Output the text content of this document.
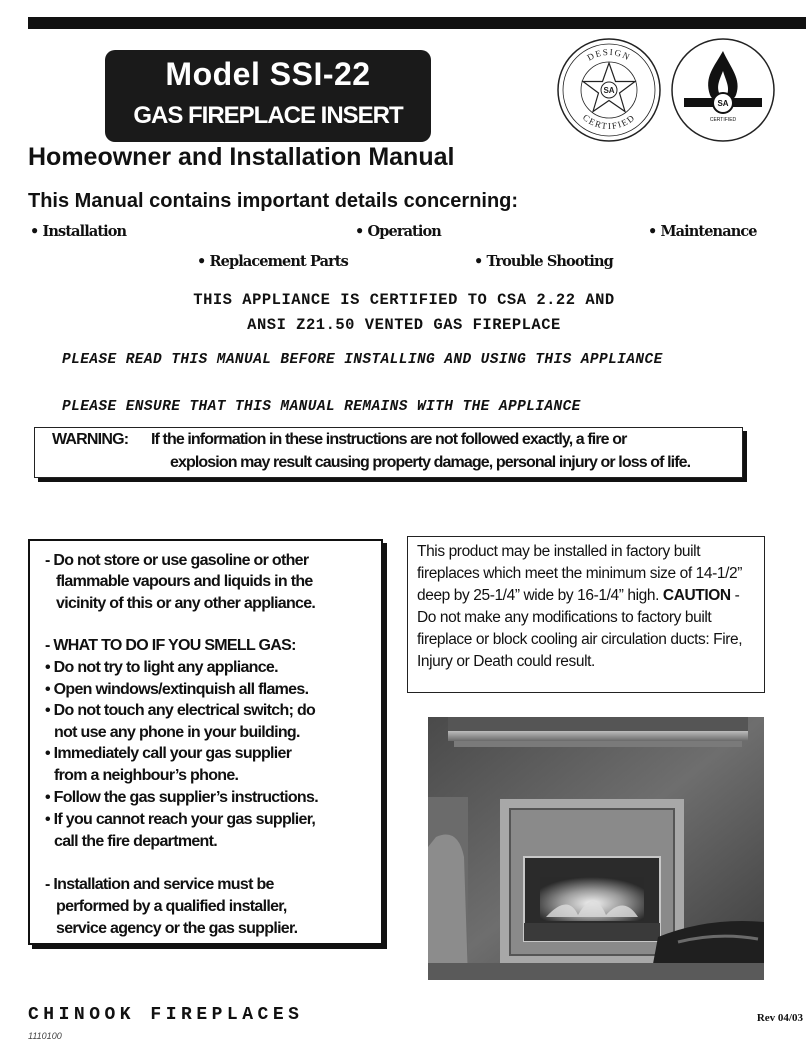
Model SSI-22
GAS FIREPLACE INSERT
SA
DESIGN
CERTIFIED
SA
CERTIFIED
Homeowner and Installation Manual
This Manual contains important details concerning:
• Installation	• Operation	• Maintenance
• Replacement Parts	• Trouble Shooting
THIS APPLIANCE IS CERTIFIED TO CSA 2.22 AND
ANSI Z21.50 VENTED GAS FIREPLACE
PLEASE READ THIS MANUAL BEFORE INSTALLING AND USING THIS APPLIANCE
PLEASE ENSURE THAT THIS MANUAL REMAINS WITH THE APPLIANCE
WARNING: If the information in these instructions are not followed exactly, a fire or
explosion may result causing property damage, personal injury or loss of life.
- Do not store or use gasoline or other
flammable vapours and liquids in the
vicinity of this or any other appliance.
- WHAT TO DO IF YOU SMELL GAS:
• Do not try to light any appliance.
• Open windows/extinquish all flames.
• Do not touch any electrical switch; do
not use any phone in your building.
• Immediately call your gas supplier
from a neighbour’s phone.
• Follow the gas supplier’s instructions.
• If you cannot reach your gas supplier,
call the fire department.
- Installation and service must be
performed by a qualified installer,
service agency or the gas supplier.
This product may be installed in factory built fireplaces which meet the minimum size of 14-1/2” deep by 25-1/4” wide by 16-1/4” high. CAUTION - Do not make any modifications to factory built fireplace or block cooling air circulation ducts: Fire, Injury or Death could result.
CHINOOK FIREPLACES	Rev 04/03
1110100
